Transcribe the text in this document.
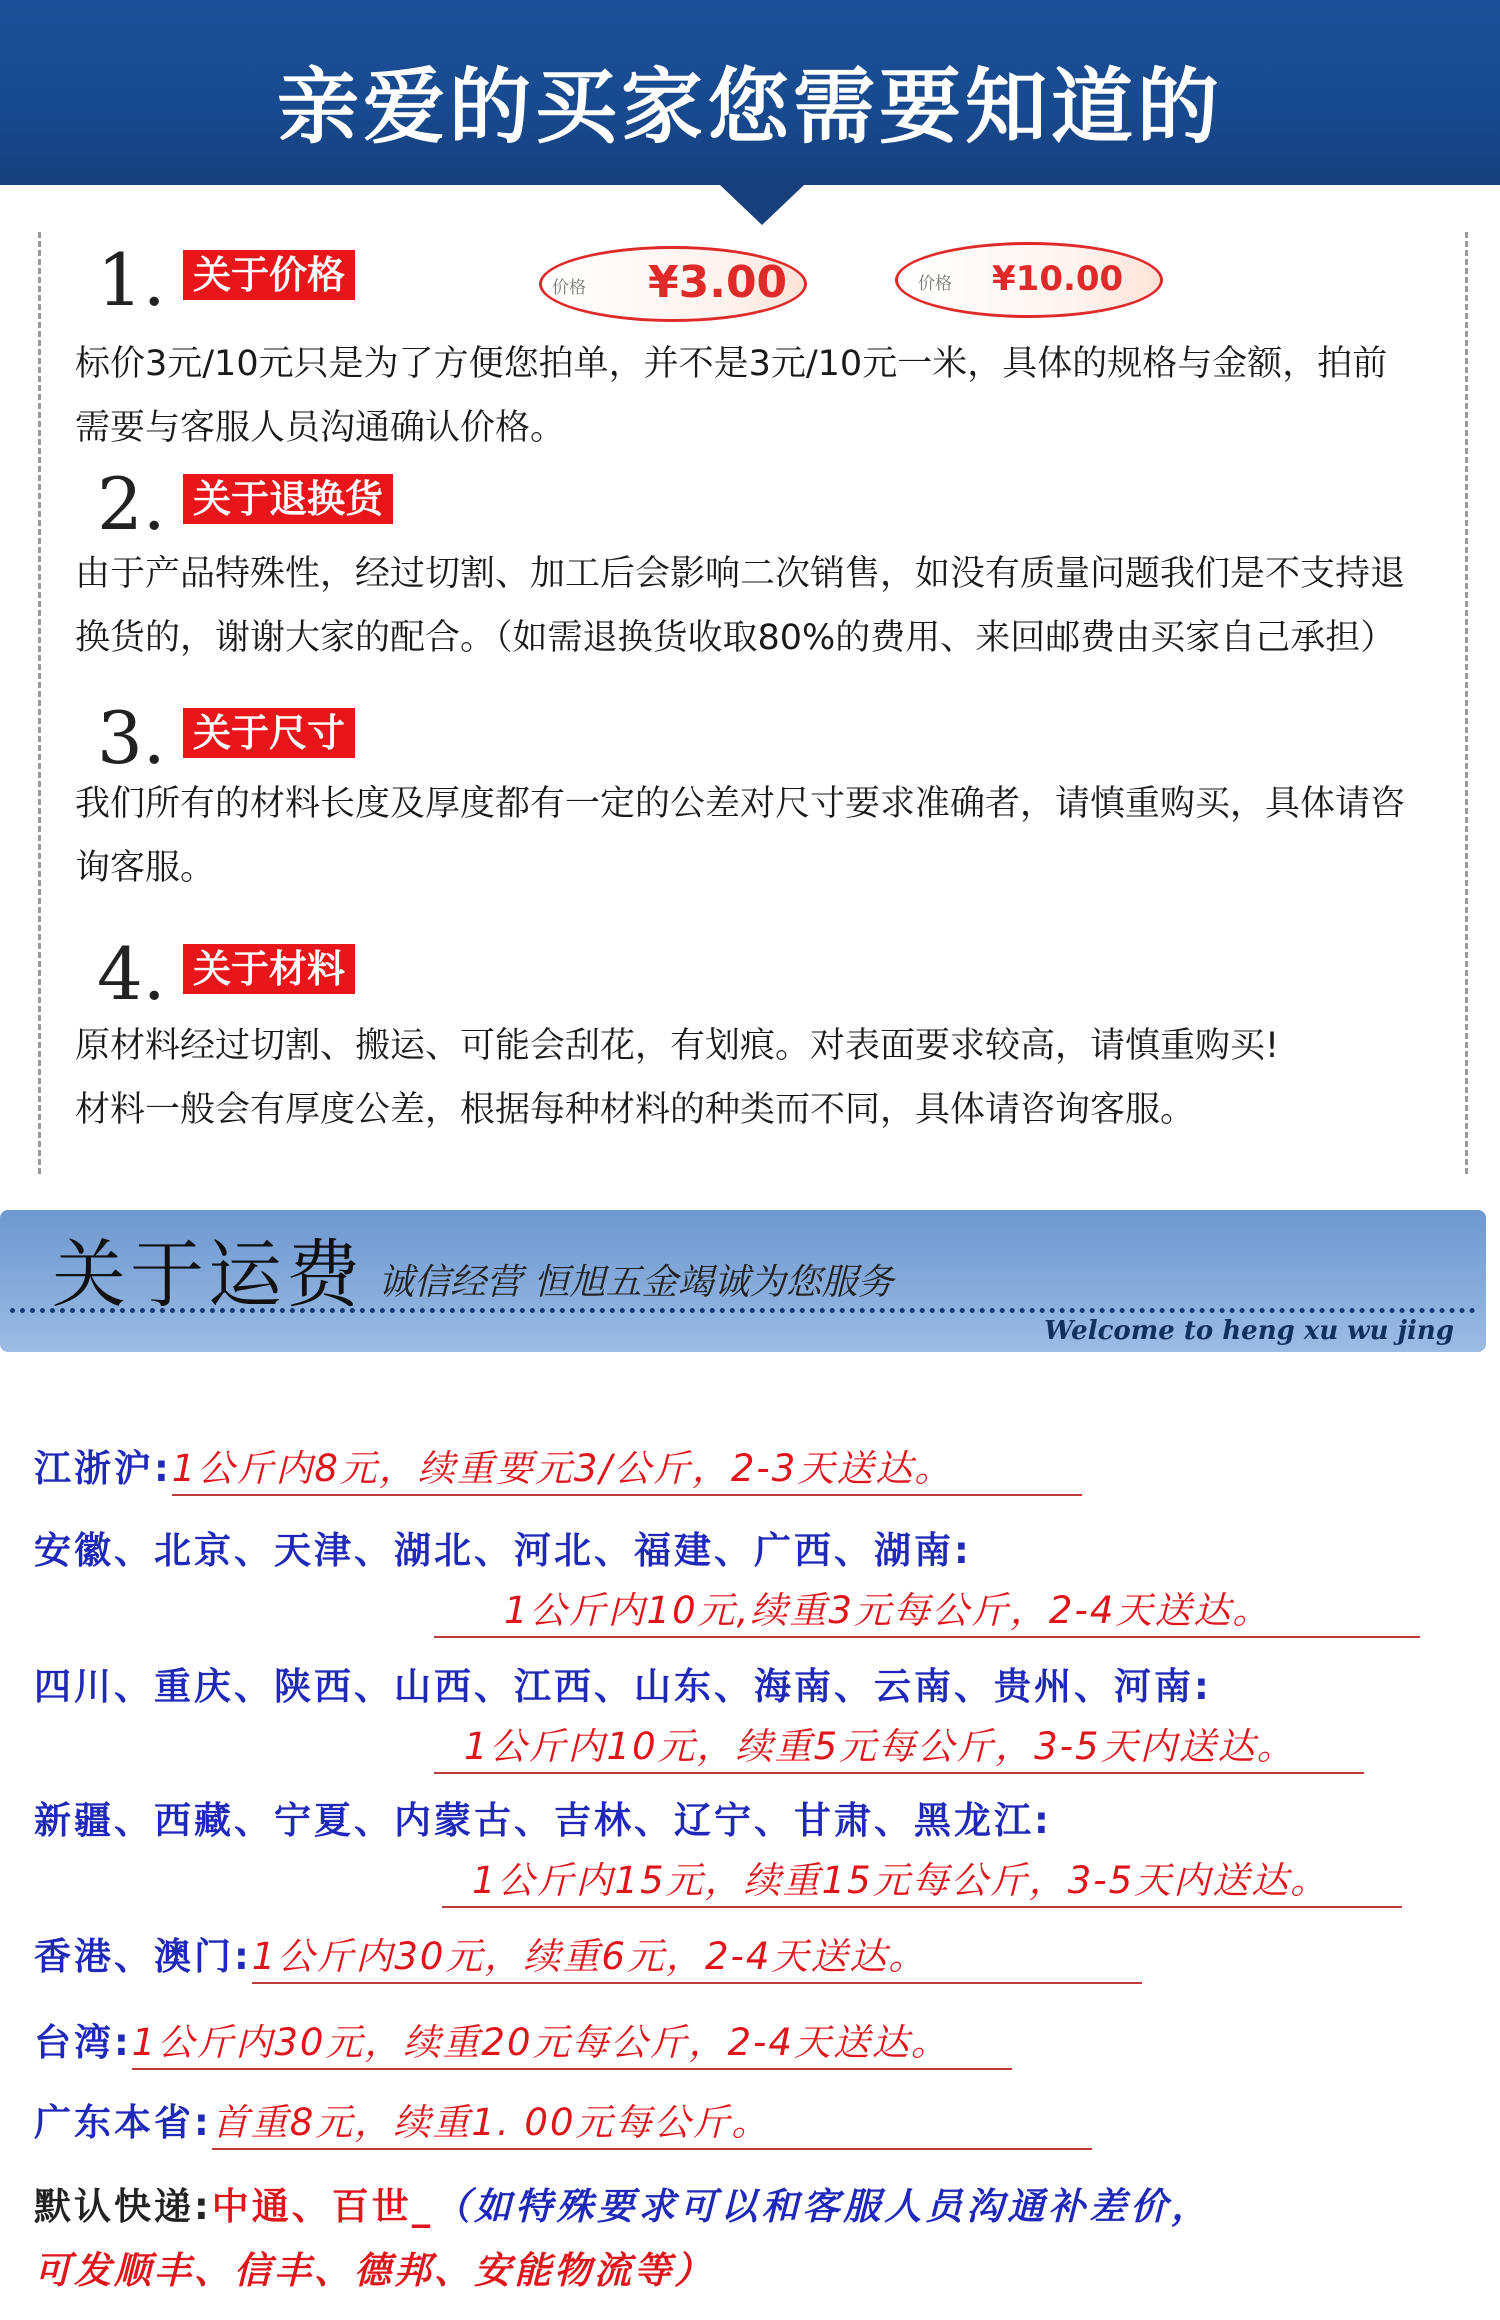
亲爱的买家您需要知道的
1. 关于价格	价格 ¥3.00	价格 ¥10.00
标价3元/10元只是为了方便您拍单，并不是3元/10元一米，具体的规格与金额，拍前
需要与客服人员沟通确认价格。
2. 关于退换货
由于产品特殊性，经过切割、加工后会影响二次销售，如没有质量问题我们是不支持退
换货的，谢谢大家的配合。（如需退换货收取80%的费用、来回邮费由买家自己承担）
3. 关于尺寸
我们所有的材料长度及厚度都有一定的公差对尺寸要求准确者，请慎重购买，具体请咨
询客服。
4. 关于材料
原材料经过切割、搬运、可能会刮花，有划痕。对表面要求较高，请慎重购买!
材料一般会有厚度公差，根据每种材料的种类而不同，具体请咨询客服。
关于运费 诚信经营 恒旭五金竭诚为您服务
Welcome to heng xu wu jing
江浙沪:1公斤内8元，续重要元3/公斤，2-3天送达。
安徽、北京、天津、湖北、河北、福建、广西、湖南:
1公斤内10元,续重3元每公斤，2-4天送达。
四川、重庆、陕西、山西、江西、山东、海南、云南、贵州、河南:
1公斤内10元，续重5元每公斤，3-5天内送达。
新疆、西藏、宁夏、内蒙古、吉林、辽宁、甘肃、黑龙江:
1公斤内15元，续重15元每公斤，3-5天内送达。
香港、澳门:1公斤内30元，续重6元，2-4天送达。
台湾:1公斤内30元，续重20元每公斤，2-4天送达。
广东本省:首重8元，续重1. 00元每公斤。
默认快递:中通、百世_（如特殊要求可以和客服人员沟通补差价，
可发顺丰、信丰、德邦、安能物流等）
